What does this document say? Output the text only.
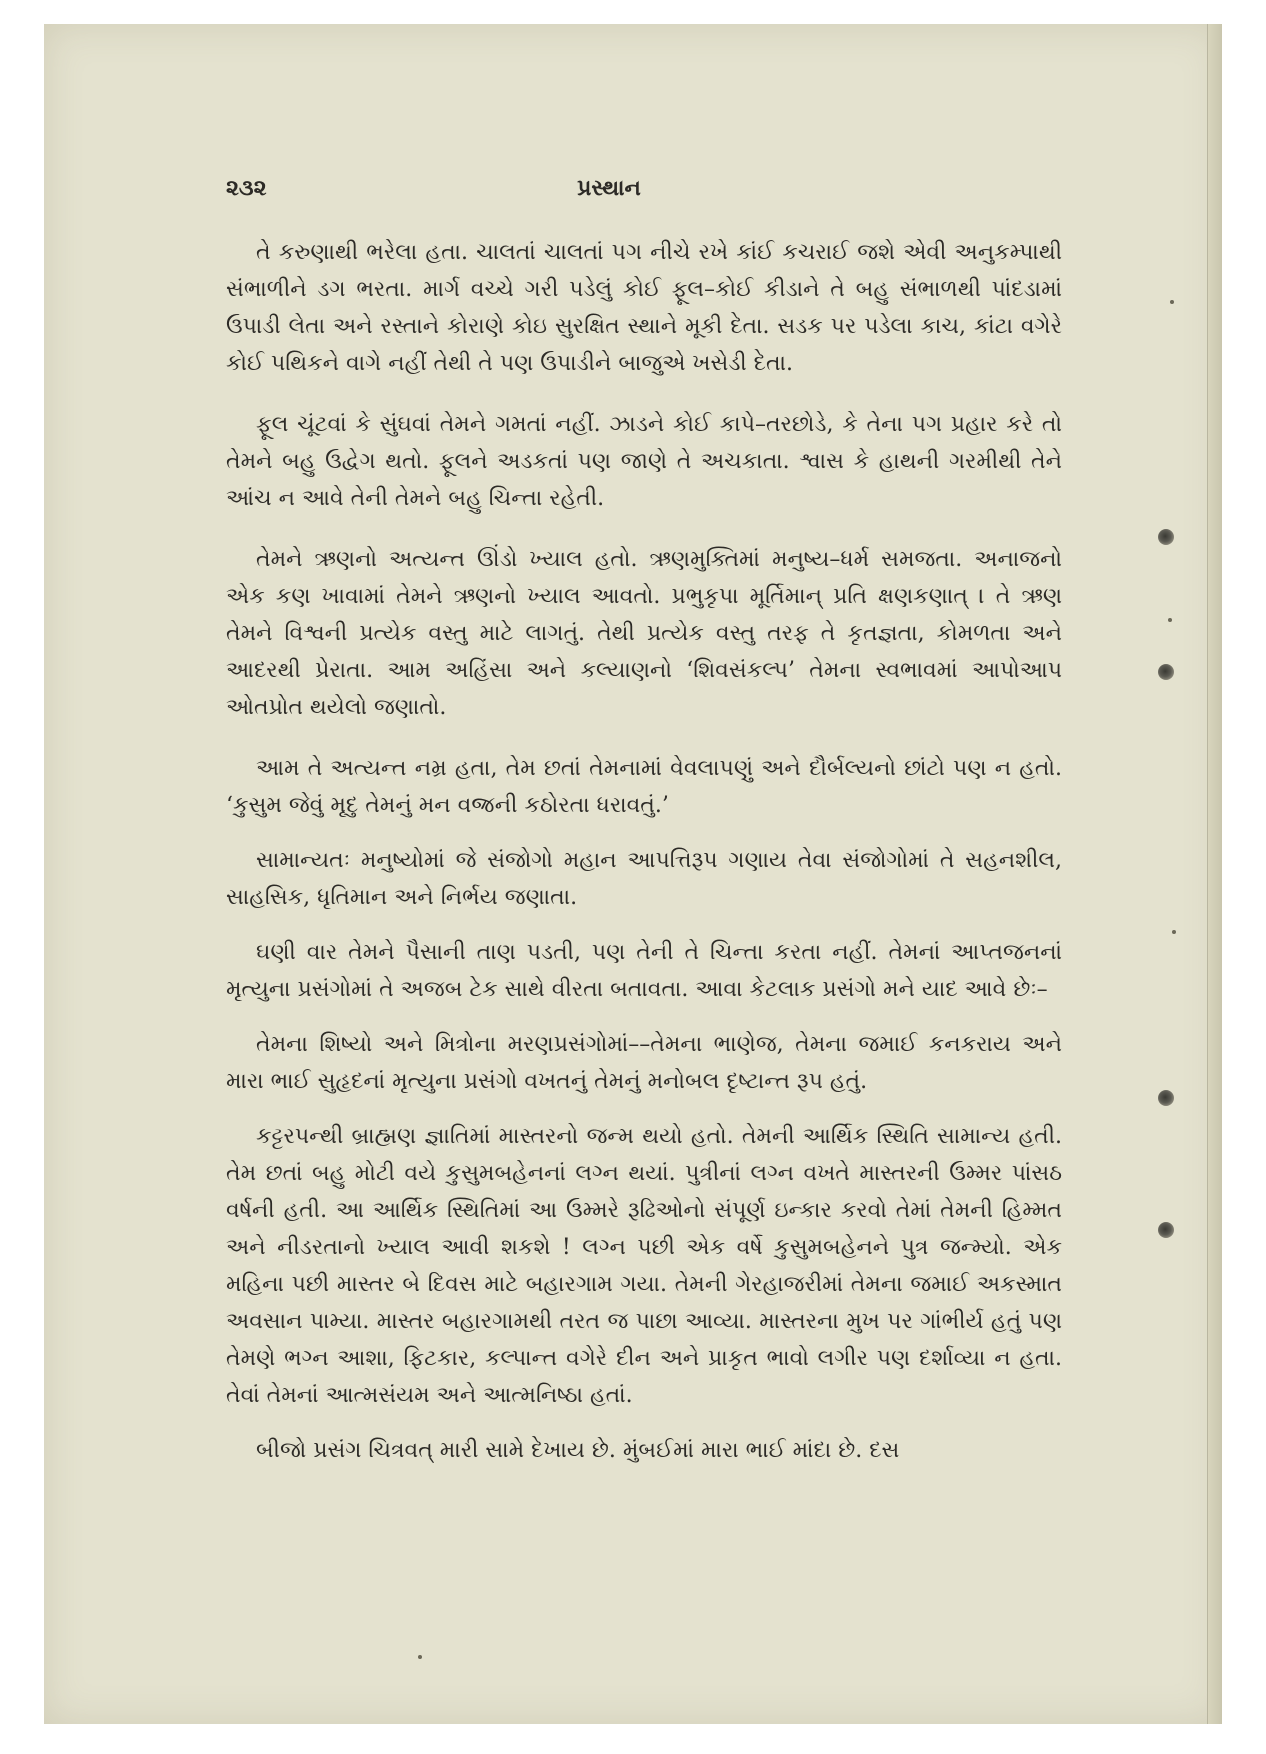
૨૩૨	પ્રસ્થાન

તે કરુણાથી ભરેલા હતા. ચાલતાં ચાલતાં પગ નીચે રખે કાંઈ કચરાઈ જશે એવી અનુકમ્પાથી સંભાળીને ડગ ભરતા. માર્ગ વચ્ચે ગરી પડેલું કોઈ ફૂલ–કોઈ કીડાને તે બહુ સંભાળથી પાંદડામાં ઉપાડી લેતા અને રસ્તાને કોરાણે કોઇ સુરક્ષિત સ્થાને મૂકી દેતા. સડક પર પડેલા કાચ, કાંટા વગેરે કોઈ પથિકને વાગે નહીં તેથી તે પણ ઉપાડીને બાજુએ ખસેડી દેતા.

ફૂલ ચૂંટવાં કે સુંઘવાં તેમને ગમતાં નહીં. ઝાડને કોઈ કાપે–તરછોડે, કે તેના પગ પ્રહાર કરે તો તેમને બહુ ઉદ્વેગ થતો. ફૂલને અડકતાં પણ જાણે તે અચકાતા. શ્વાસ કે હાથની ગરમીથી તેને આંચ ન આવે તેની તેમને બહુ ચિન્તા રહેતી.

તેમને ઋણનો અત્યન્ત ઊંડો ખ્યાલ હતો. ઋણમુક્તિમાં મનુષ્ય–ધર્મ સમજતા. અનાજનો એક કણ ખાવામાં તેમને ઋણનો ખ્યાલ આવતો. પ્રભુકૃપા મૂર્તિમાન્ પ્રતિ ક્ષણકણાત્ । તે ઋણ તેમને વિશ્વની પ્રત્યેક વસ્તુ માટે લાગતું. તેથી પ્રત્યેક વસ્તુ તરફ તે કૃતજ્ઞતા, કોમળતા અને આદરથી પ્રેરાતા. આમ અહિંસા અને કલ્યાણનો ‘શિવસંકલ્પ’ તેમના સ્વભાવમાં આપોઆપ ઓતપ્રોત થયેલો જણાતો.

આમ તે અત્યન્ત નમ્ર હતા, તેમ છતાં તેમનામાં વેવલાપણું અને દૌર્બલ્યનો છાંટો પણ ન હતો. ‘કુસુમ જેવું મૃદુ તેમનું મન વજ્રની કઠોરતા ધરાવતું.’

સામાન્યતઃ મનુષ્યોમાં જે સંજોગો મહાન આપત્તિરૂપ ગણાય તેવા સંજોગોમાં તે સહનશીલ, સાહસિક, ધૃતિમાન અને નિર્ભય જણાતા.

ઘણી વાર તેમને પૈસાની તાણ પડતી, પણ તેની તે ચિન્તા કરતા નહીં. તેમનાં આપ્તજનનાં મૃત્યુના પ્રસંગોમાં તે અજબ ટેક સાથે વીરતા બતાવતા. આવા કેટલાક પ્રસંગો મને યાદ આવે છેઃ–

તેમના શિષ્યો અને મિત્રોના મરણપ્રસંગોમાં––તેમના ભાણેજ, તેમના જમાઈ કનકરાય અને મારા ભાઈ સુહૃદનાં મૃત્યુના પ્રસંગો વખતનું તેમનું મનોબલ દૃષ્ટાન્ત રૂપ હતું.

કટ્ટરપન્થી બ્રાહ્મણ જ્ઞાતિમાં માસ્તરનો જન્મ થયો હતો. તેમની આર્થિક સ્થિતિ સામાન્ય હતી. તેમ છતાં બહુ મોટી વયે કુસુમબહેનનાં લગ્ન થયાં. પુત્રીનાં લગ્ન વખતે માસ્તરની ઉમ્મર પાંસઠ વર્ષની હતી. આ આર્થિક સ્થિતિમાં આ ઉમ્મરે રૂઢિઓનો સંપૂર્ણ ઇન્કાર કરવો તેમાં તેમની હિમ્મત અને નીડરતાનો ખ્યાલ આવી શકશે ! લગ્ન પછી એક વર્ષે કુસુમબહેનને પુત્ર જન્મ્યો. એક મહિના પછી માસ્તર બે દિવસ માટે બહારગામ ગયા. તેમની ગેરહાજરીમાં તેમના જમાઈ અકસ્માત અવસાન પામ્યા. માસ્તર બહારગામથી તરત જ પાછા આવ્યા. માસ્તરના મુખ પર ગાંભીર્ય હતું પણ તેમણે ભગ્ન આશા, ફિટકાર, કલ્પાન્ત વગેરે દીન અને પ્રાકૃત ભાવો લગીર પણ દર્શાવ્યા ન હતા. તેવાં તેમનાં આત્મસંયમ અને આત્મનિષ્ઠા હતાં.

બીજો પ્રસંગ ચિત્રવત્ મારી સામે દેખાય છે. મુંબઈમાં મારા ભાઈ માંદા છે. દસ
